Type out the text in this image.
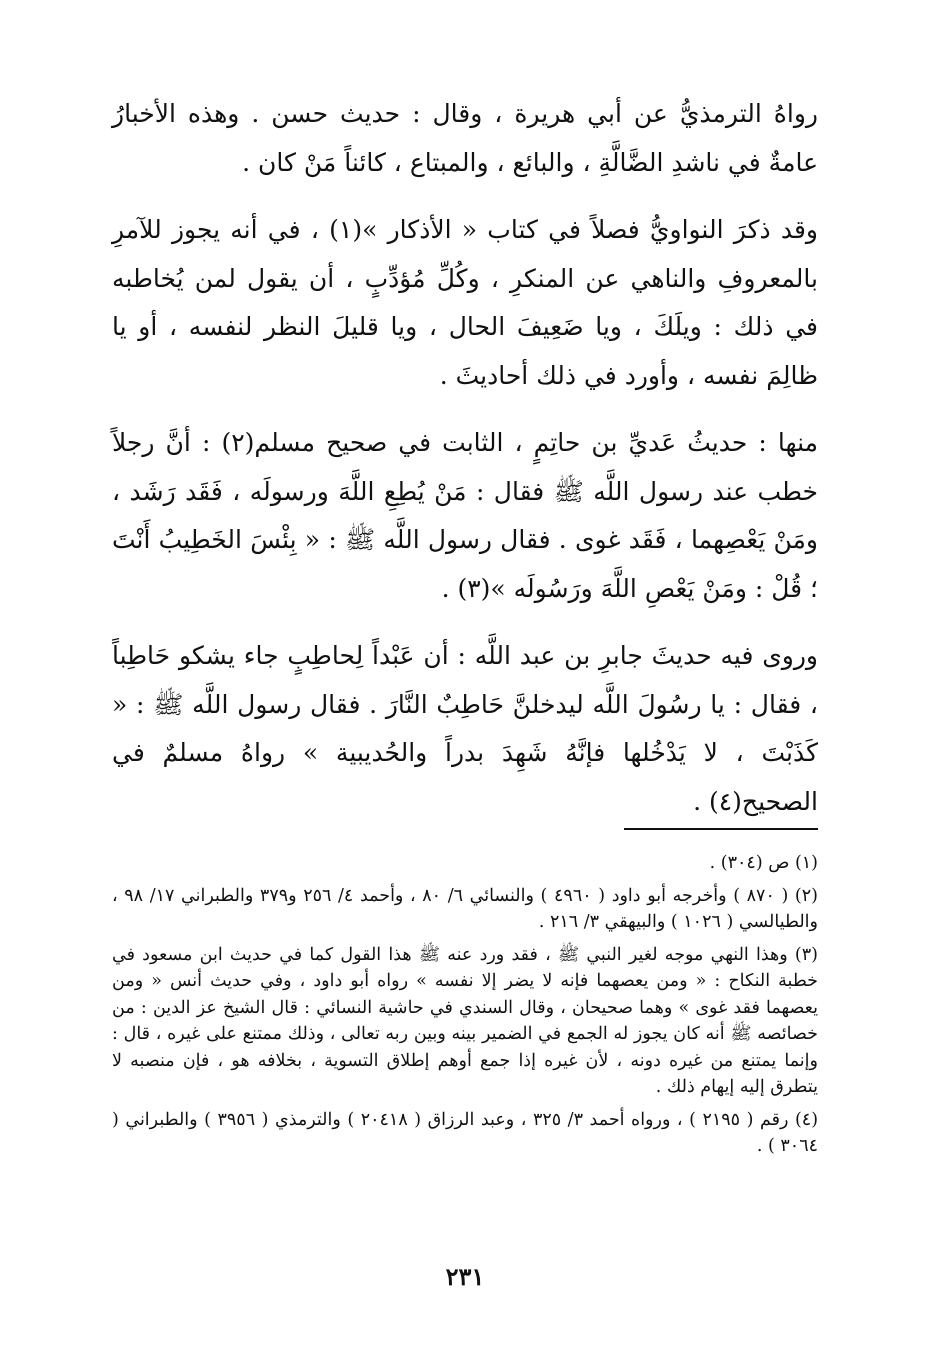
رواهُ الترمذيُّ عن أبي هريرة ، وقال : حديث حسن . وهذه الأخبارُ عامةٌ في ناشدِ الضَّالَّةِ ، والبائع ، والمبتاع ، كائناً مَنْ كان .

وقد ذكرَ النواويُّ فصلاً في كتاب « الأذكار »(١) ، في أنه يجوز للآمرِ بالمعروفِ والناهي عن المنكرِ ، وكُلِّ مُؤدِّبٍ ، أن يقول لمن يُخاطبه في ذلك : ويلَكَ ، ويا ضَعِيفَ الحال ، ويا قليلَ النظر لنفسه ، أو يا ظالِمَ نفسه ، وأورد في ذلك أحاديثَ .

منها : حديثُ عَديِّ بن حاتِمٍ ، الثابت في صحيح مسلم(٢) : أنَّ رجلاً خطب عند رسول اللَّه ﷺ فقال : مَنْ يُطِعِ اللَّهَ ورسولَه ، فَقَد رَشَد ، ومَنْ يَعْصِهما ، فَقَد غوى . فقال رسول اللَّه ﷺ : « بِئْسَ الخَطِيبُ أَنْتَ ؛ قُلْ : ومَنْ يَعْصِ اللَّهَ ورَسُولَه »(٣) .

وروى فيه حديثَ جابرِ بن عبد اللَّه : أن عَبْداً لِحاطِبٍ جاء يشكو حَاطِباً ، فقال : يا رسُولَ اللَّه ليدخلنَّ حَاطِبٌ النَّارَ . فقال رسول اللَّه ﷺ : « كَذَبْتَ ، لا يَدْخُلها فإنَّهُ شَهِدَ بدراً والحُديبية » رواهُ مسلمٌ في الصحيح(٤) .

(١) ص (٣٠٤) .

(٢) ( ٨٧٠ ) وأخرجه أبو داود ( ٤٩٦٠ ) والنسائي ٦/ ٨٠ ، وأحمد ٤/ ٢٥٦ و٣٧٩ والطبراني ١٧/ ٩٨ ، والطيالسي ( ١٠٢٦ ) والبيهقي ٣/ ٢١٦ .

(٣) وهذا النهي موجه لغير النبي ﷺ ، فقد ورد عنه ﷺ هذا القول كما في حديث ابن مسعود في خطبة النكاح : « ومن يعصهما فإنه لا يضر إلا نفسه » رواه أبو داود ، وفي حديث أنس « ومن يعصهما فقد غوى » وهما صحيحان ، وقال السندي في حاشية النسائي : قال الشيخ عز الدين : من خصائصه ﷺ أنه كان يجوز له الجمع في الضمير بينه وبين ربه تعالى ، وذلك ممتنع على غيره ، قال : وإنما يمتنع من غيره دونه ، لأن غيره إذا جمع أوهم إطلاق التسوية ، بخلافه هو ، فإن منصبه لا يتطرق إليه إيهام ذلك .

(٤) رقم ( ٢١٩٥ ) ، ورواه أحمد ٣/ ٣٢٥ ، وعبد الرزاق ( ٢٠٤١٨ ) والترمذي ( ٣٩٥٦ ) والطبراني ( ٣٠٦٤ ) .

٢٣١
